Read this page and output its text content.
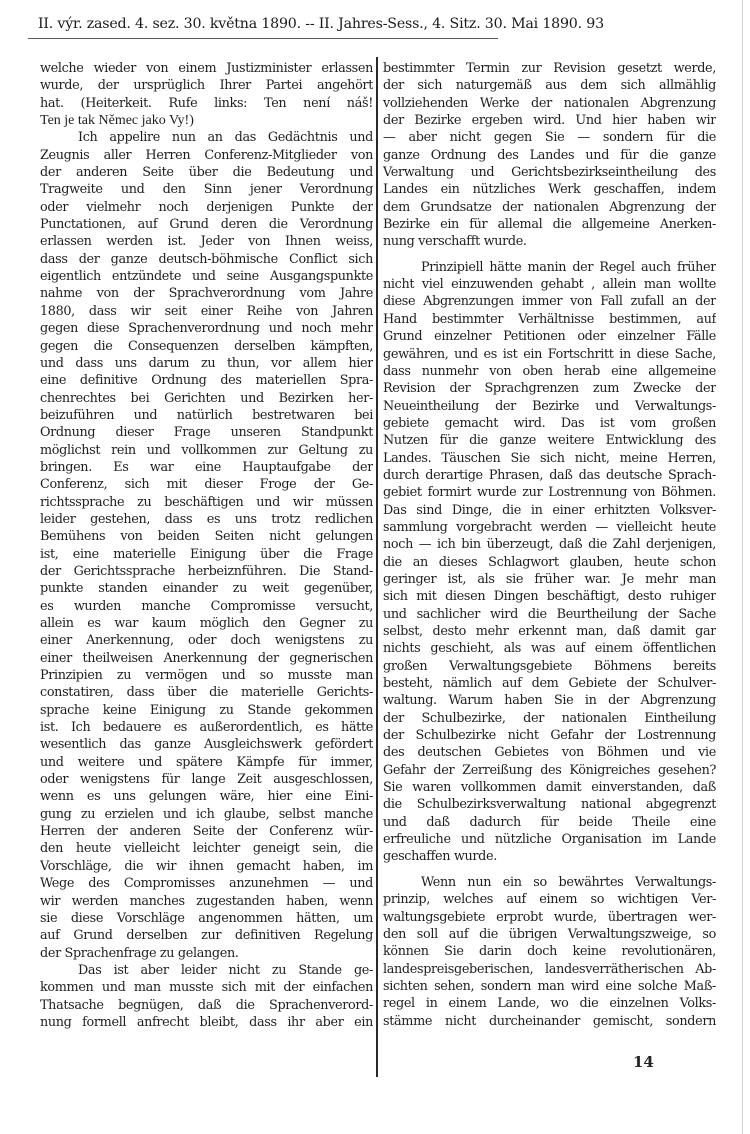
II. výr. zased. 4. sez. 30. května 1890. -- II. Jahres-Sess., 4. Sitz. 30. Mai 1890. 93
welche wieder von einem Justizminister erlassen
wurde, der ursprüglich Ihrer Partei angehört
hat. (Heiterkeit. Rufe links: Ten není náš!
Ten je tak Němec jako Vy!)
Ich appelire nun an das Gedächtnis und
Zeugnis aller Herren Conferenz-Mitglieder von
der anderen Seite über die Bedeutung und
Tragweite und den Sinn jener Verordnung
oder vielmehr noch derjenigen Punkte der
Punctationen, auf Grund deren die Verordnung
erlassen werden ist. Jeder von Ihnen weiss,
dass der ganze deutsch-böhmische Conflict sich
eigentlich entzündete und seine Ausgangspunkte
nahme von der Sprachverordnung vom Jahre
1880, dass wir seit einer Reihe von Jahren
gegen diese Sprachenverordnung und noch mehr
gegen die Consequenzen derselben kämpften,
und dass uns darum zu thun, vor allem hier
eine definitive Ordnung des materiellen Spra-
chenrechtes bei Gerichten und Bezirken her-
beizuführen und natürlich bestretwaren bei
Ordnung dieser Frage unseren Standpunkt
möglichst rein und vollkommen zur Geltung zu
bringen. Es war eine Hauptaufgabe der
Conferenz, sich mit dieser Froge der Ge-
richtssprache zu beschäftigen und wir müssen
leider gestehen, dass es uns trotz redlichen
Bemühens von beiden Seiten nicht gelungen
ist, eine materielle Einigung über die Frage
der Gerichtssprache herbeiznführen. Die Stand-
punkte standen einander zu weit gegenüber,
es wurden manche Compromisse versucht,
allein es war kaum möglich den Gegner zu
einer Anerkennung, oder doch wenigstens zu
einer theilweisen Anerkennung der gegnerischen
Prinzipien zu vermögen und so musste man
constatiren, dass über die materielle Gerichts-
sprache keine Einigung zu Stande gekommen
ist. Ich bedauere es außerordentlich, es hätte
wesentlich das ganze Ausgleichswerk gefördert
und weitere und spätere Kämpfe für immer,
oder wenigstens für lange Zeit ausgeschlossen,
wenn es uns gelungen wäre, hier eine Eini-
gung zu erzielen und ich glaube, selbst manche
Herren der anderen Seite der Conferenz wür-
den heute vielleicht leichter geneigt sein, die
Vorschläge, die wir ihnen gemacht haben, im
Wege des Compromisses anzunehmen — und
wir werden manches zugestanden haben, wenn
sie diese Vorschläge angenommen hätten, um
auf Grund derselben zur definitiven Regelung
der Sprachenfrage zu gelangen.
Das ist aber leider nicht zu Stande ge-
kommen und man musste sich mit der einfachen
Thatsache begnügen, daß die Sprachenverord-
nung formell anfrecht bleibt, dass ihr aber ein
bestimmter Termin zur Revision gesetzt werde,
der sich naturgemäß aus dem sich allmählig
vollziehenden Werke der nationalen Abgrenzung
der Bezirke ergeben wird. Und hier haben wir
— aber nicht gegen Sie — sondern für die
ganze Ordnung des Landes und für die ganze
Verwaltung und Gerichtsbezirkseintheilung des
Landes ein nützliches Werk geschaffen, indem
dem Grundsatze der nationalen Abgrenzung der
Bezirke ein für allemal die allgemeine Anerken-
nung verschafft wurde.
Prinzipiell hätte manin der Regel auch früher
nicht viel einzuwenden gehabt , allein man wollte
diese Abgrenzungen immer von Fall zufall an der
Hand bestimmter Verhältnisse bestimmen, auf
Grund einzelner Petitionen oder einzelner Fälle
gewähren, und es ist ein Fortschritt in diese Sache,
dass nunmehr von oben herab eine allgemeine
Revision der Sprachgrenzen zum Zwecke der
Neueintheilung der Bezirke und Verwaltungs-
gebiete gemacht wird. Das ist vom großen
Nutzen für die ganze weitere Entwicklung des
Landes. Täuschen Sie sich nicht, meine Herren,
durch derartige Phrasen, daß das deutsche Sprach-
gebiet formirt wurde zur Lostrennung von Böhmen.
Das sind Dinge, die in einer erhitzten Volksver-
sammlung vorgebracht werden — vielleicht heute
noch — ich bin überzeugt, daß die Zahl derjenigen,
die an dieses Schlagwort glauben, heute schon
geringer ist, als sie früher war. Je mehr man
sich mit diesen Dingen beschäftigt, desto ruhiger
und sachlicher wird die Beurtheilung der Sache
selbst, desto mehr erkennt man, daß damit gar
nichts geschieht, als was auf einem öffentlichen
großen Verwaltungsgebiete Böhmens bereits
besteht, nämlich auf dem Gebiete der Schulver-
waltung. Warum haben Sie in der Abgrenzung
der Schulbezirke, der nationalen Eintheilung
der Schulbezirke nicht Gefahr der Lostrennung
des deutschen Gebietes von Böhmen und vie
Gefahr der Zerreißung des Königreiches gesehen?
Sie waren vollkommen damit einverstanden, daß
die Schulbezirksverwaltung national abgegrenzt
und daß dadurch für beide Theile eine
erfreuliche und nützliche Organisation im Lande
geschaffen wurde.
Wenn nun ein so bewährtes Verwaltungs-
prinzip, welches auf einem so wichtigen Ver-
waltungsgebiete erprobt wurde, übertragen wer-
den soll auf die übrigen Verwaltungszweige, so
können Sie darin doch keine revolutionären,
landespreisgeberischen, landesverrätherischen Ab-
sichten sehen, sondern man wird eine solche Maß-
regel in einem Lande, wo die einzelnen Volks-
stämme nicht durcheinander gemischt, sondern
14
